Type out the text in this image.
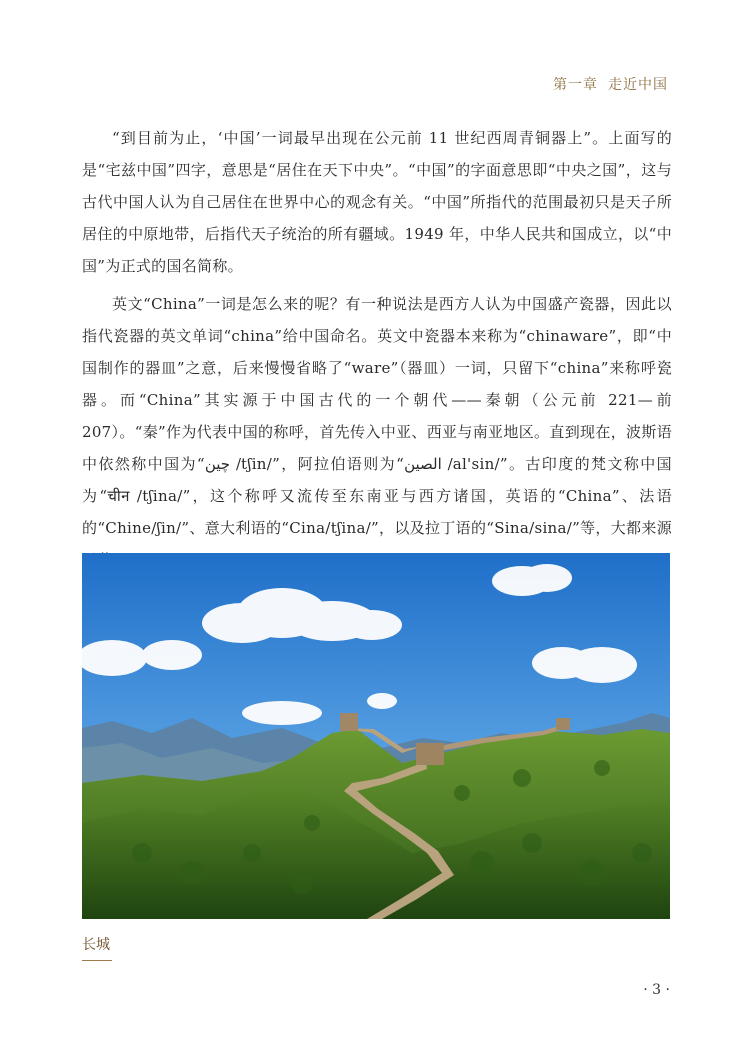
第一章 走近中国

“到目前为止，‘中国’一词最早出现在公元前 11 世纪西周青铜器上”。上面写的是“宅兹中国”四字，意思是“居住在天下中央”。“中国”的字面意思即“中央之国”，这与古代中国人认为自己居住在世界中心的观念有关。“中国”所指代的范围最初只是天子所居住的中原地带，后指代天子统治的所有疆域。1949 年，中华人民共和国成立，以“中国”为正式的国名简称。

英文“China”一词是怎么来的呢？有一种说法是西方人认为中国盛产瓷器，因此以指代瓷器的英文单词“china”给中国命名。英文中瓷器本来称为“chinaware”，即“中国制作的器皿”之意，后来慢慢省略了“ware”（器皿）一词，只留下“china”来称呼瓷器。而“China”其实源于中国古代的一个朝代——秦朝（公元前 221—前 207）。“秦”作为代表中国的称呼，首先传入中亚、西亚与南亚地区。直到现在，波斯语中依然称中国为“چین /tʃin/”，阿拉伯语则为“الصين /al'sin/”。古印度的梵文称中国为“चीन /tʃina/”，这个称呼又流传至东南亚与西方诸国，英语的“China”、法语的“Chine/ʃin/”、意大利语的“Cina/tʃina/”，以及拉丁语的“Sina/sina/”等，大都来源

长城
· 3 ·
